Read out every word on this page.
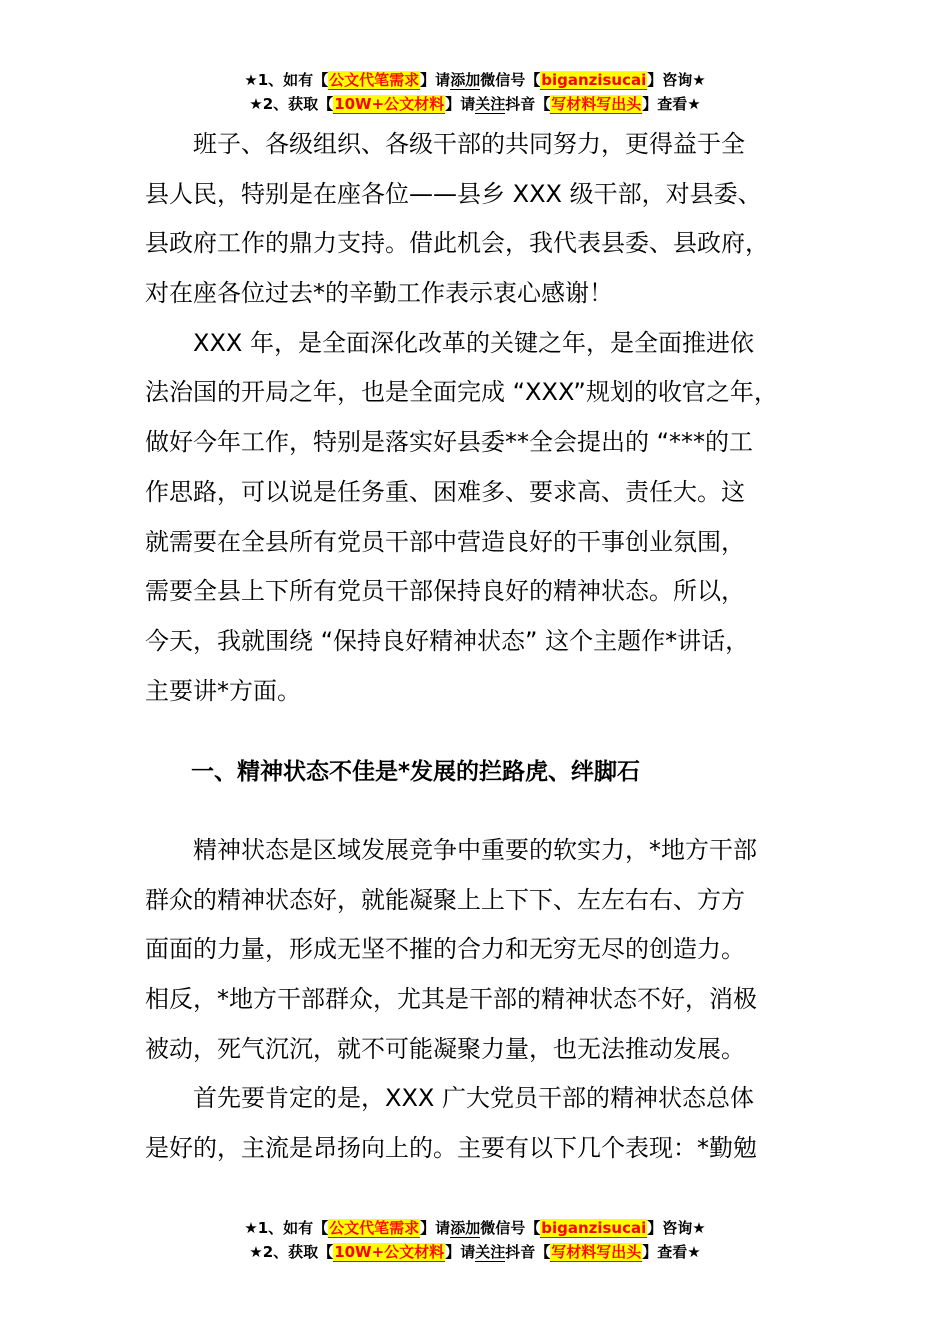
★1、如有【公文代笔需求】请添加微信号【biganzisucai】咨询★
★2、获取【10W+公文材料】请关注抖音【写材料写出头】查看★
　　班子、各级组织、各级干部的共同努力，更得益于全
县人民，特别是在座各位——县乡 XXX 级干部，对县委、
县政府工作的鼎力支持。借此机会，我代表县委、县政府，
对在座各位过去*的辛勤工作表示衷心感谢！
　　XXX 年，是全面深化改革的关键之年，是全面推进依
法治国的开局之年，也是全面完成 “XXX”规划的收官之年，
做好今年工作，特别是落实好县委**全会提出的 “***的工
作思路，可以说是任务重、困难多、要求高、责任大。这
就需要在全县所有党员干部中营造良好的干事创业氛围，
需要全县上下所有党员干部保持良好的精神状态。所以，
今天，我就围绕 “保持良好精神状态” 这个主题作*讲话，
主要讲*方面。
　　一、精神状态不佳是*发展的拦路虎、绊脚石
　　精神状态是区域发展竞争中重要的软实力，*地方干部
群众的精神状态好，就能凝聚上上下下、左左右右、方方
面面的力量，形成无坚不摧的合力和无穷无尽的创造力。
相反，*地方干部群众，尤其是干部的精神状态不好，消极
被动，死气沉沉，就不可能凝聚力量，也无法推动发展。
　　首先要肯定的是，XXX 广大党员干部的精神状态总体
是好的，主流是昂扬向上的。主要有以下几个表现：*勤勉
★1、如有【公文代笔需求】请添加微信号【biganzisucai】咨询★
★2、获取【10W+公文材料】请关注抖音【写材料写出头】查看★
